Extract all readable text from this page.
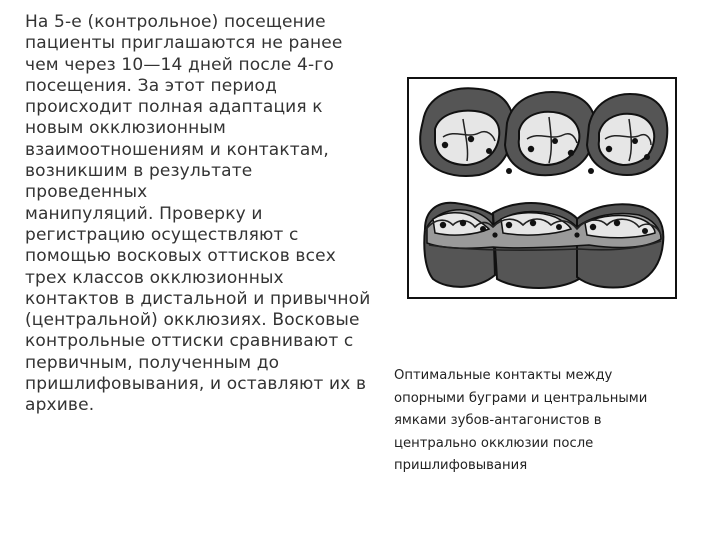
На 5-е (контрольное) посещение
пациенты приглашаются не ранее
чем через 10—14 дней после 4-го
посещения. За этот период
происходит полная адаптация к
новым окклюзионным
взаимоотношениям и контактам,
возникшим в результате
проведенных
манипуляций. Проверку и
регистрацию осуществляют с
помощью восковых оттисков всех
трех классов окклюзионных
контактов в дистальной и привычной
(центральной) окклюзиях. Восковые
контрольные оттиски сравнивают с
первичным, полученным до
пришлифовывания, и оставляют их в
архиве.

Оптимальные контакты между
опорными буграми и центральными
ямками зубов-антагонистов в
центрально окклюзии после
пришлифовывания
